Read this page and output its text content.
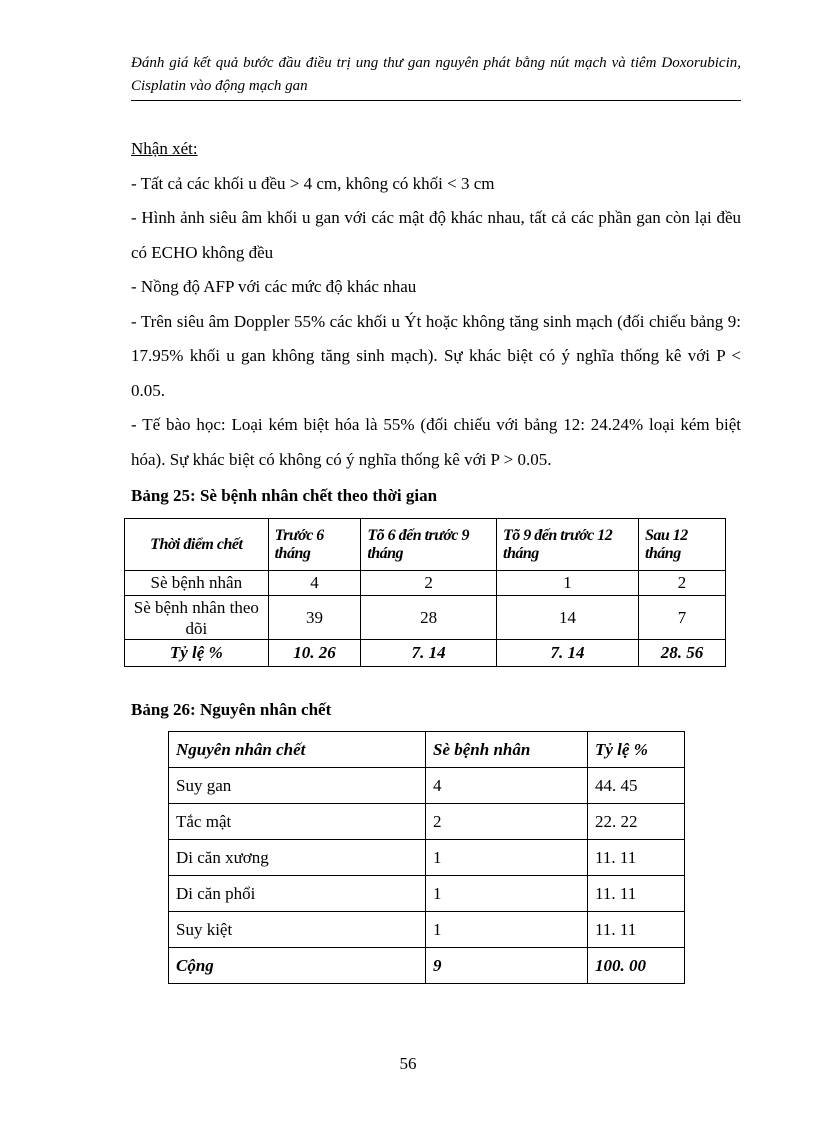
Đánh giá kết quả bước đầu điều trị ung thư gan nguyên phát bằng nút mạch và tiêm Doxorubicin, Cisplatin vào động mạch gan

Nhận xét:

- Tất cả các khối u đều > 4 cm, không có khối < 3 cm

- Hình ảnh siêu âm khối u gan với các mật độ khác nhau, tất cả các phần gan còn lại đều có ECHO không đều

- Nồng độ AFP với các mức độ khác nhau

- Trên siêu âm Doppler 55% các khối u Ýt hoặc không tăng sinh mạch (đối chiếu bảng 9: 17.95% khối u gan không tăng sinh mạch). Sự khác biệt có ý nghĩa thống kê với P < 0.05.

- Tế bào học: Loại kém biệt hóa là 55% (đối chiếu với bảng 12: 24.24% loại kém biệt hóa). Sự khác biệt có không có ý nghĩa thống kê với P > 0.05.

Bảng 25: Sè bệnh nhân chết theo thời gian
Thời điểm chết	Trước 6 tháng	Tõ 6 đến trước 9 tháng	Tõ 9 đến trước 12 tháng	Sau 12 tháng
Sè bệnh nhân	4	2	1	2
Sè bệnh nhân theo dõi	39	28	14	7
Tỷ lệ %	10. 26	7. 14	7. 14	28. 56
Bảng 26: Nguyên nhân chết
Nguyên nhân chết	Sè bệnh nhân	Tỷ lệ %
Suy gan	4	44. 45
Tắc mật	2	22. 22
Di căn xương	1	11. 11
Di căn phổi	1	11. 11
Suy kiệt	1	11. 11
Cộng	9	100. 00
56
